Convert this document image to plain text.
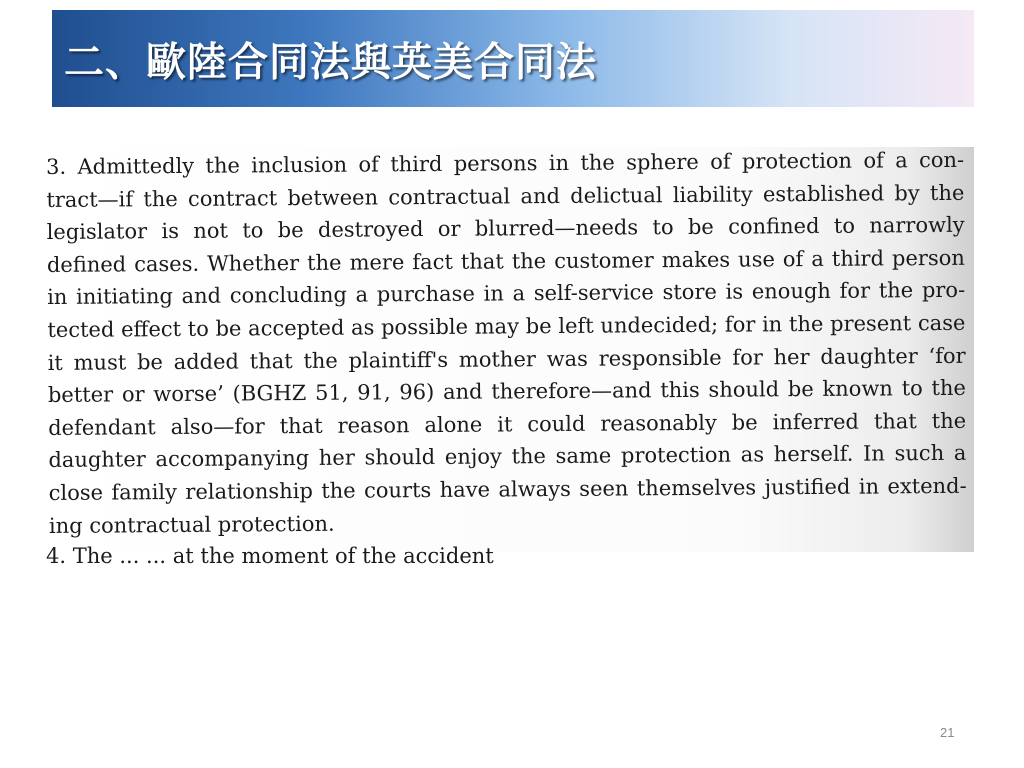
二、歐陸合同法與英美合同法
3. Admittedly the inclusion of third persons in the sphere of protection of a con-
tract—if the contract between contractual and delictual liability established by the
legislator is not to be destroyed or blurred—needs to be confined to narrowly
defined cases. Whether the mere fact that the customer makes use of a third person
in initiating and concluding a purchase in a self-service store is enough for the pro-
tected effect to be accepted as possible may be left undecided; for in the present case
it must be added that the plaintiff's mother was responsible for her daughter ‘for
better or worse’ (BGHZ 51, 91, 96) and therefore—and this should be known to the
defendant also—for that reason alone it could reasonably be inferred that the
daughter accompanying her should enjoy the same protection as herself. In such a
close family relationship the courts have always seen themselves justified in extend-
ing contractual protection.
4. The ... ... at the moment of the accident
21
